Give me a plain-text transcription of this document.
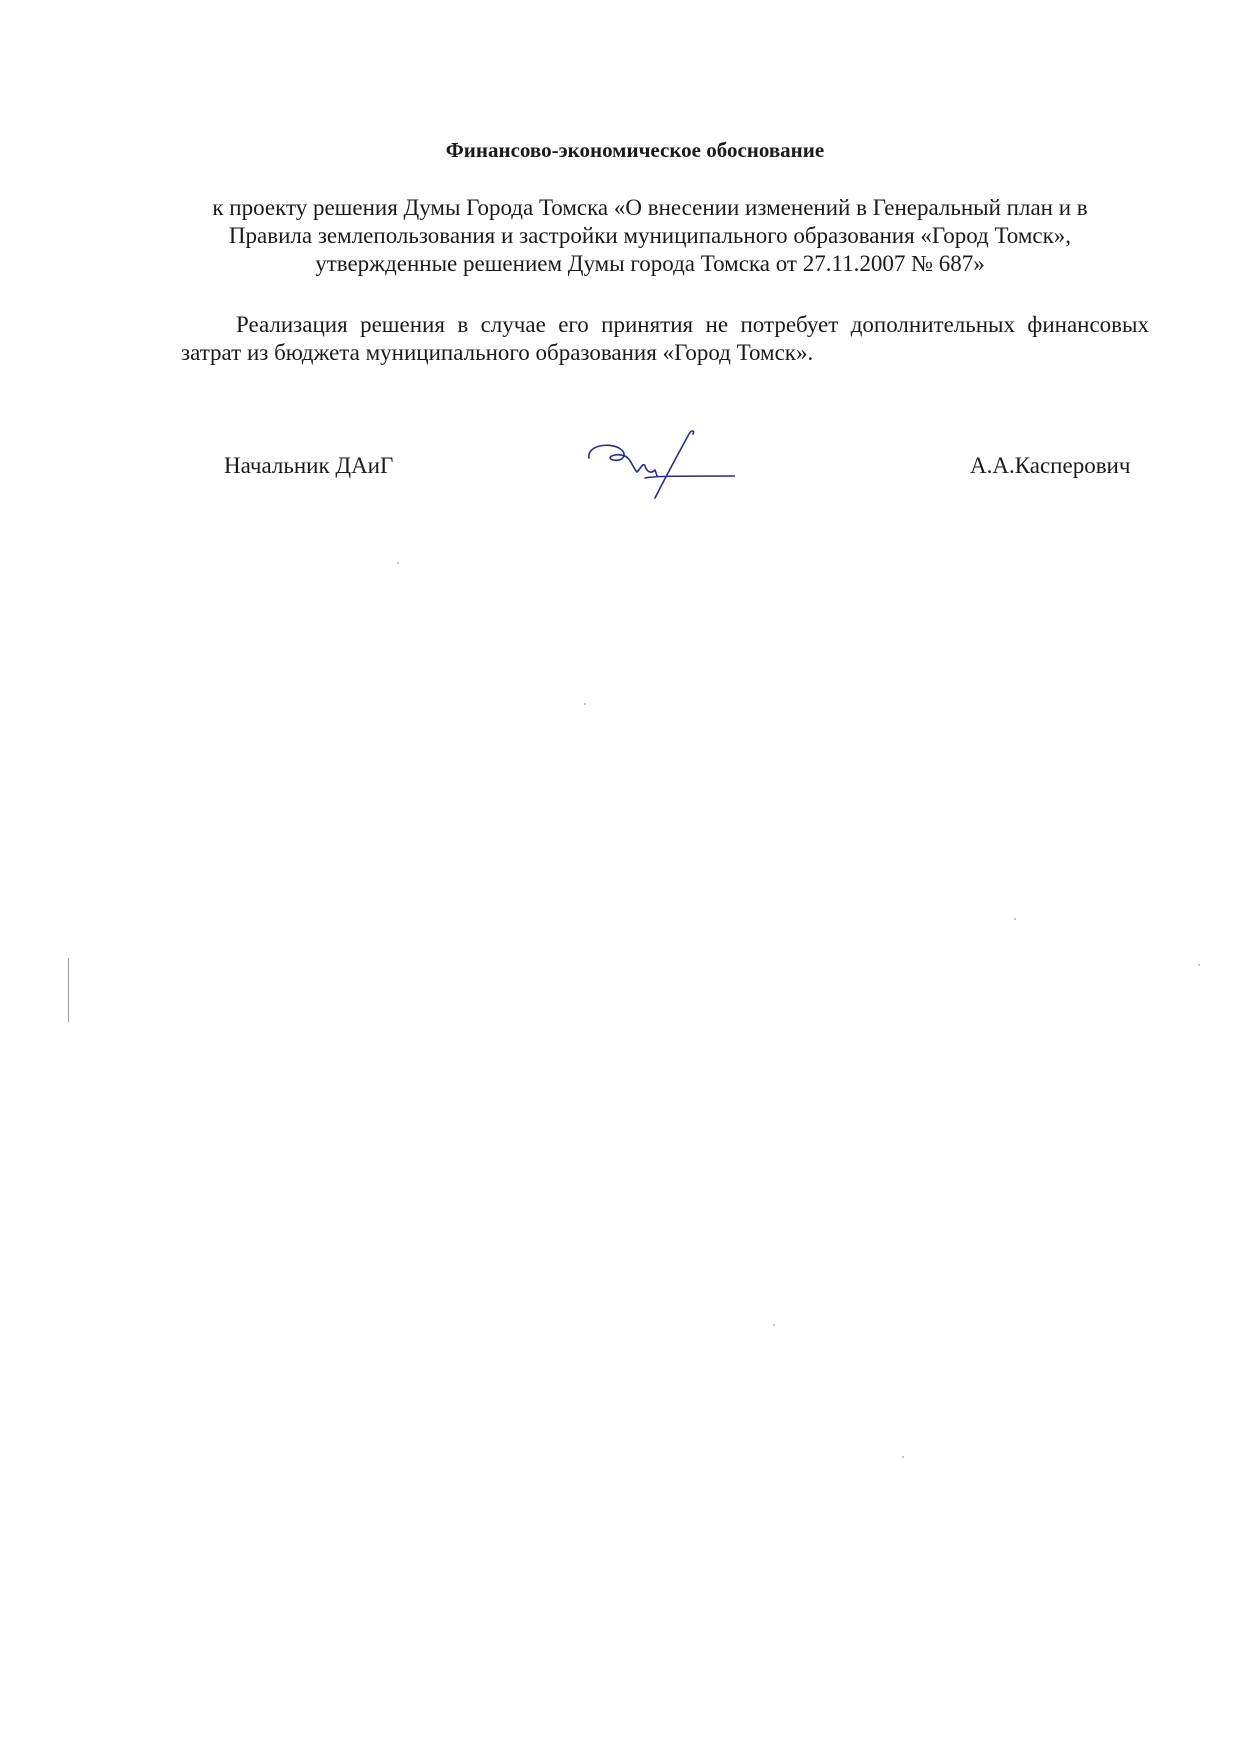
Финансово-экономическое обоснование
к проекту решения Думы Города Томска «О внесении изменений в Генеральный план и в
Правила землепользования и застройки муниципального образования «Город Томск»,
утвержденные решением Думы города Томска от 27.11.2007 № 687»
Реализация решения в случае его принятия не потребует дополнительных финансовых затрат из бюджета муниципального образования «Город Томск».
Начальник ДАиГ	А.А.Касперович
